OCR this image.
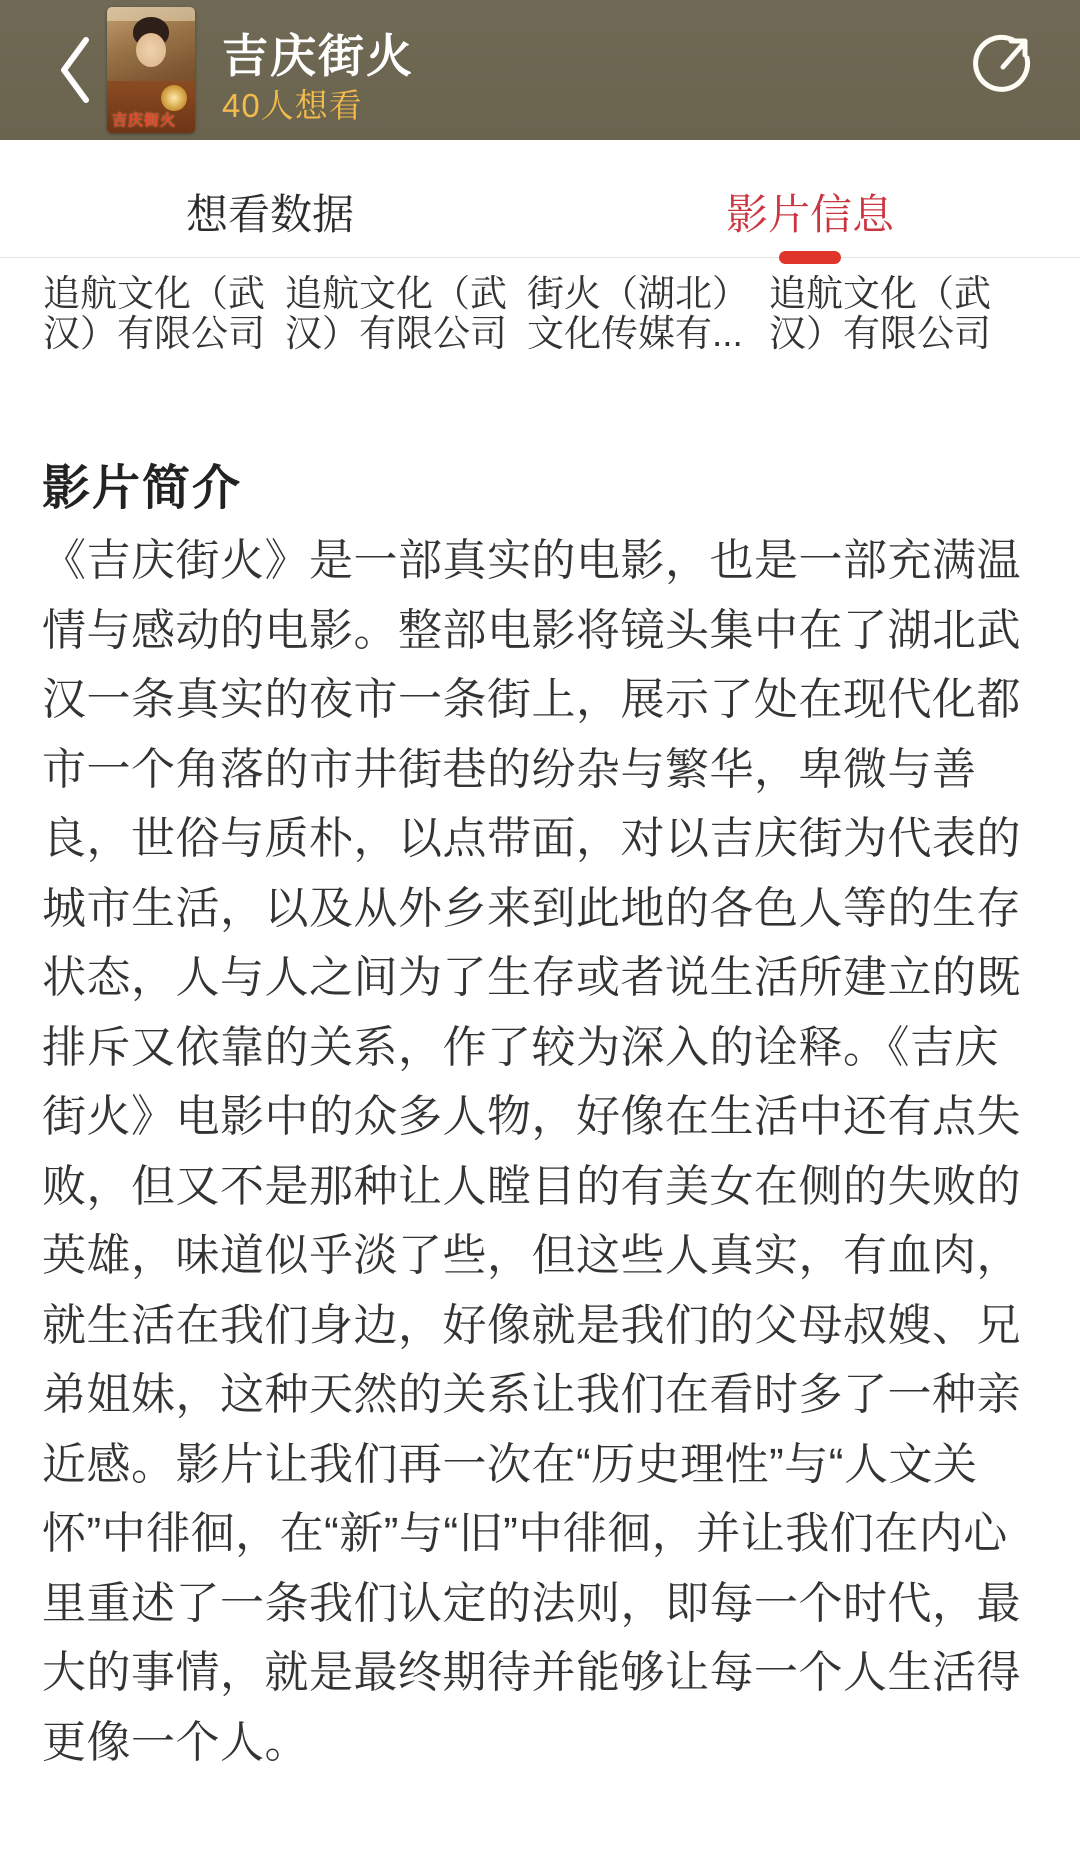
吉庆街火
吉庆街火
40人想看
想看数据	影片信息
追航文化（武
汉）有限公司
追航文化（武
汉）有限公司
街火（湖北）
文化传媒有...
追航文化（武
汉）有限公司
影片简介
《吉庆街火》是一部真实的电影，也是一部充满温
情与感动的电影。整部电影将镜头集中在了湖北武
汉一条真实的夜市一条街上，展示了处在现代化都
市一个角落的市井街巷的纷杂与繁华，卑微与善
良，世俗与质朴，以点带面，对以吉庆街为代表的
城市生活，以及从外乡来到此地的各色人等的生存
状态，人与人之间为了生存或者说生活所建立的既
排斥又依靠的关系，作了较为深入的诠释。《吉庆
街火》电影中的众多人物，好像在生活中还有点失
败，但又不是那种让人瞠目的有美女在侧的失败的
英雄，味道似乎淡了些，但这些人真实，有血肉，
就生活在我们身边，好像就是我们的父母叔嫂、兄
弟姐妹，这种天然的关系让我们在看时多了一种亲
近感。影片让我们再一次在“历史理性”与“人文关
怀”中徘徊，在“新”与“旧”中徘徊，并让我们在内心
里重述了一条我们认定的法则，即每一个时代，最
大的事情，就是最终期待并能够让每一个人生活得
更像一个人。
